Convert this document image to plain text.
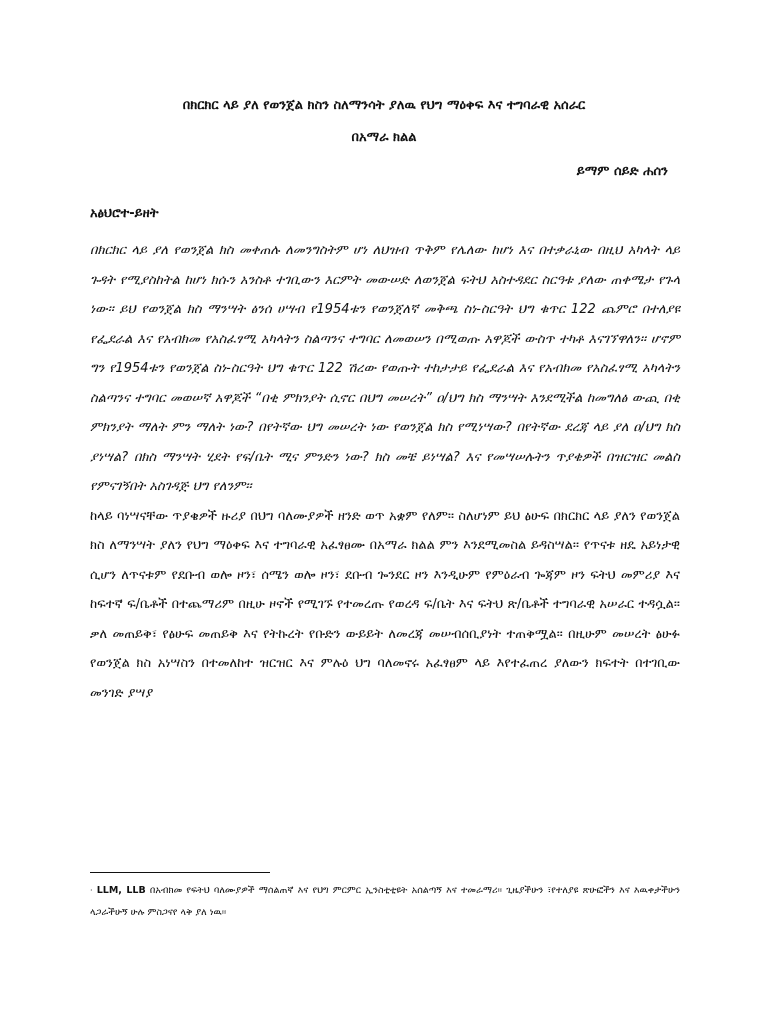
በክርክር ላይ ያለ የወንጀል ክስን ስለማንሳት ያለዉ የህግ ማዕቀፍ እና ተግባራዊ አሰራር
በአማራ ክልል
ይማም ሰይድ ሐሰን
አፅህሮተ-ይዘት

በክርክር ላይ ያለ የወንጀል ክስ መቀጠሉ ለመንግስትም ሆነ ለህዝብ ጥቅም የሌለው ከሆነ እና በተቃራኒው በዚህ አካላት ላይ ጉዳት የሚያስከትል ከሆነ ክሱን አንስቶ ተገቢውን እርምት መውሠድ ለወንጀል ፍትህ አስተዳደር ስርዓቱ ያለው ጠቀሜታ የጉላ ነው፡፡ ይህ የወንጀል ክስ ማንሣት ፅንሰ ሀሣብ የ1954ቱን የወንጀለኛ መቅጫ ስነ-ስርዓት ህግ ቁጥር 122 ጨምሮ በተለያዩ የፌደራል እና የአብክመ የአስፈፃሚ አካላትን ስልጣንና ተግባር ለመወሠን በሚወጡ አዋጆች ውስጥ ተካቶ እናገኘዋለን፡፡ ሆኖም ግን የ1954ቱን የወንጀል ስነ-ስርዓት ህግ ቁጥር 122 ሽረው የወጡት ተከታታይ የፌደራል እና የአብክመ የአስፈፃሚ አካላትን ስልጣንና ተግባር መወሠኛ አዋጆች “በቂ ምክንያት ሲኖር በህግ መሠረት” ዐ/ህግ ክስ ማንሣት እንደሚችል ከመግለፅ ውጪ በቂ ምክንያት ማለት ምን ማለት ነው? በየትኛው ህግ መሠረት ነው የወንጀል ክስ የሚነሣው? በየትኛው ደረጃ ላይ ያለ ዐ/ህግ ክስ ያነሣል? በክስ ማንሣት ሂደት የፍ/ቤት ሚና ምንድን ነው? ክስ መቼ ይነሣል? እና የመሣሠሉትን ጥያቄዎች በዝርዝር መልስ የምናገኝበት አስገዳጅ ህግ የለንም፡፡

ከላይ ባነሣናቸው ጥያቄዎች ዙሪያ በህግ ባለሙያዎች ዘንድ ወጥ አቋም የለም፡፡ ስለሆነም ይህ ፅሁፍ በክርክር ላይ ያለን የወንጀል ክስ ለማንሣት ያለን የህግ ማዕቀፍ እና ተግባራዊ አፈፃፀሙ በአማራ ክልል ምን እንደሚመስል ይዳስሣል፡፡ የጥናቱ ዘዴ አይነታዊ ሲሆን ለጥናቱም የደቡብ ወሎ ዞን፣ ሰሜን ወሎ ዞን፣ ደቡብ ጐንደር ዞን እንዲሁም የምዕራብ ጐጃም ዞን ፍትህ መምሪያ እና ከፍተኛ ፍ/ቤቶች በተጨማሪም በዚሁ ዞኖች የሚገኙ የተመረጡ የወረዳ ፍ/ቤት እና ፍትህ ጽ/ቤቶች ተግባራዊ አሠራር ተዳሷል፡፡ ቃለ መጠይቅ፣ የፅሁፍ መጠይቅ እና የትኩረት የቡድን ውይይት ለመረጃ መሠብሰቢያነት ተጠቅሟል፡፡ በዚሁም መሠረት ፅሁፉ የወንጀል ክስ አነሣስን በተመለከተ ዝርዝር እና ምሉዕ ህግ ባለመኖሩ አፈፃፀም ላይ እየተፈጠረ ያለውን ክፍተት በተገቢው መንገድ ያሣያ

· LLM, LLB በአብክመ የፍትህ ባለሙያዎች ማሰልጠኛ እና የህግ ምርምር ኢንስቲቲዩት አሰልጣኝ እና ተመራማሪ፡፡ ጊዜያችሁን ፣የተለያዩ ጽሁፎችን እና እዉቀታችሁን ላጋራችሁኝ ሁሉ ምስጋናየ ላቅ ያለ ነዉ፡፡
